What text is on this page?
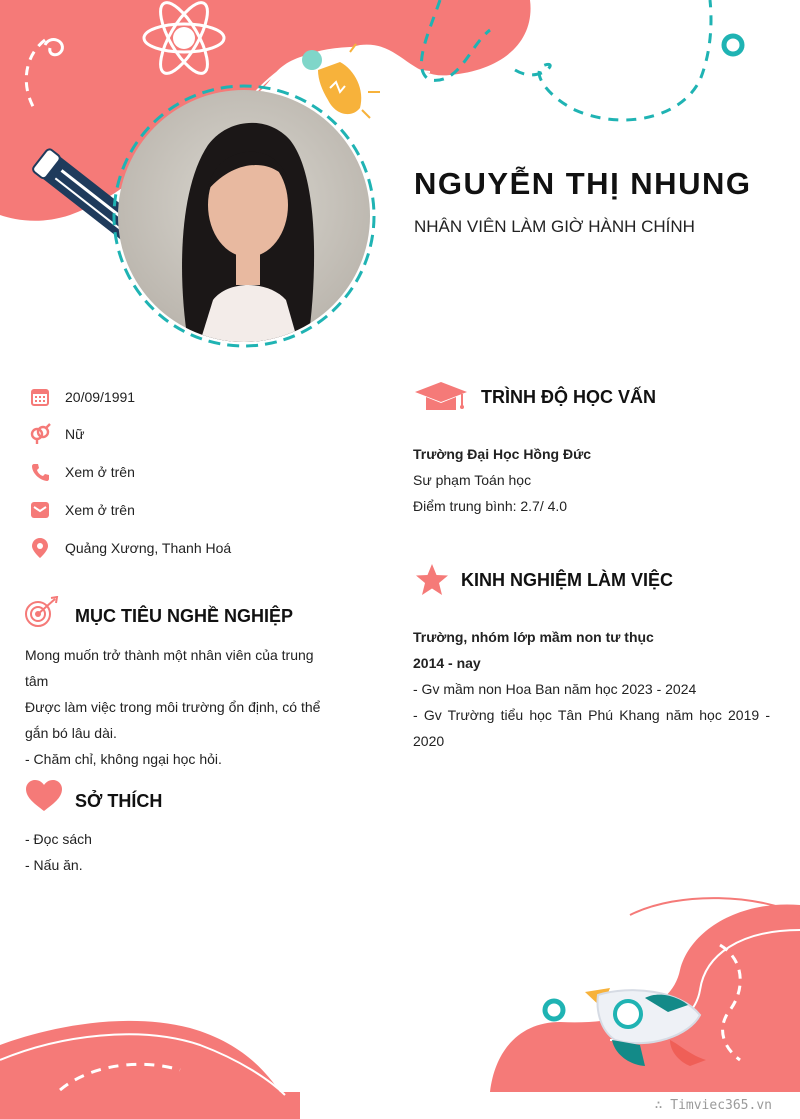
NGUYỄN THỊ NHUNG
NHÂN VIÊN LÀM GIỜ HÀNH CHÍNH
20/09/1991
Nữ
Xem ở trên
Xem ở trên
Quảng Xương, Thanh Hoá
MỤC TIÊU NGHỀ NGHIỆP

Mong muốn trở thành một nhân viên của trung tâm

Được làm việc trong môi trường ổn định, có thể gắn bó lâu dài.

- Chăm chỉ, không ngại học hỏi.

SỞ THÍCH

- Đọc sách

- Nấu ăn.

TRÌNH ĐỘ HỌC VẤN

Trường Đại Học Hồng Đức

Sư phạm Toán học

Điểm trung bình: 2.7/ 4.0

KINH NGHIỆM LÀM VIỆC

Trường, nhóm lớp mầm non tư thục

2014 - nay

- Gv mầm non Hoa Ban năm học 2023 - 2024

- Gv Trường tiểu học Tân Phú Khang năm học 2019 - 2020

∴ Timviec365.vn
